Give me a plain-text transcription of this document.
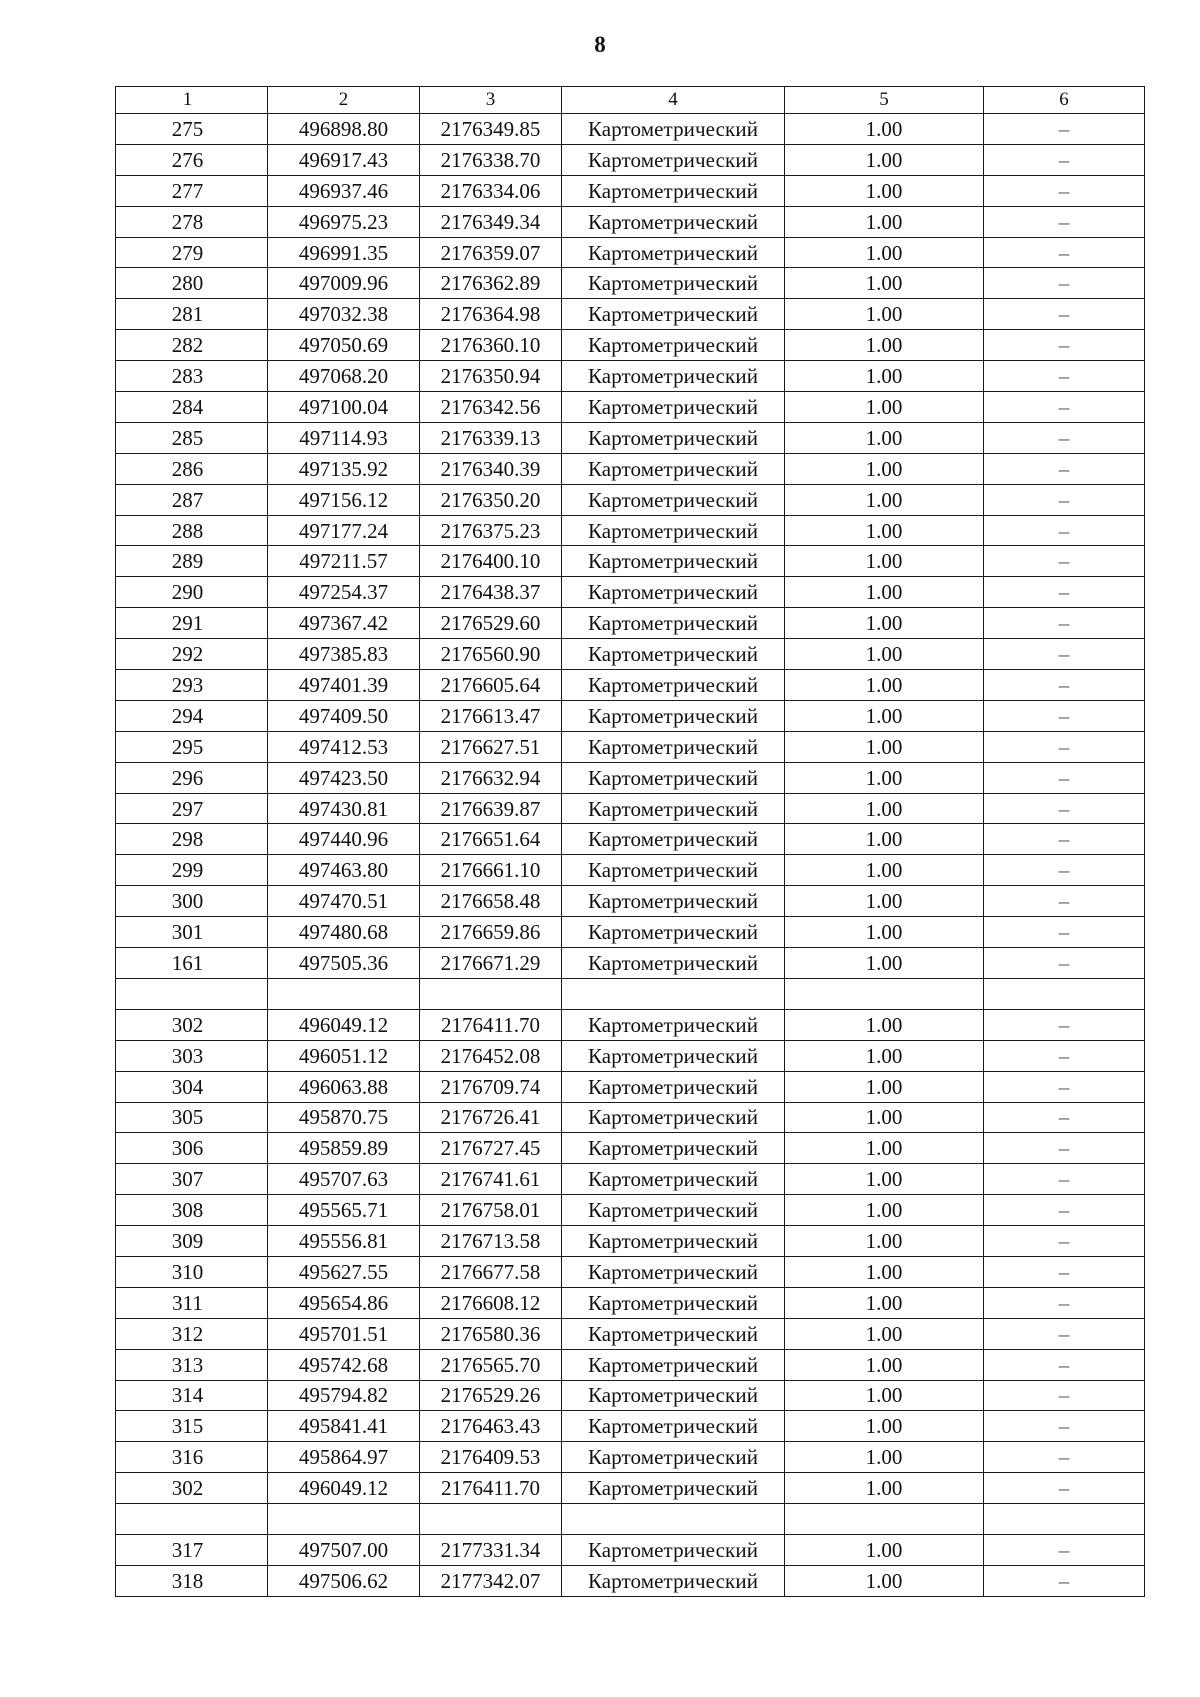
8
1	2	3	4	5	6
275	496898.80	2176349.85	Картометрический	1.00	–
276	496917.43	2176338.70	Картометрический	1.00	–
277	496937.46	2176334.06	Картометрический	1.00	–
278	496975.23	2176349.34	Картометрический	1.00	–
279	496991.35	2176359.07	Картометрический	1.00	–
280	497009.96	2176362.89	Картометрический	1.00	–
281	497032.38	2176364.98	Картометрический	1.00	–
282	497050.69	2176360.10	Картометрический	1.00	–
283	497068.20	2176350.94	Картометрический	1.00	–
284	497100.04	2176342.56	Картометрический	1.00	–
285	497114.93	2176339.13	Картометрический	1.00	–
286	497135.92	2176340.39	Картометрический	1.00	–
287	497156.12	2176350.20	Картометрический	1.00	–
288	497177.24	2176375.23	Картометрический	1.00	–
289	497211.57	2176400.10	Картометрический	1.00	–
290	497254.37	2176438.37	Картометрический	1.00	–
291	497367.42	2176529.60	Картометрический	1.00	–
292	497385.83	2176560.90	Картометрический	1.00	–
293	497401.39	2176605.64	Картометрический	1.00	–
294	497409.50	2176613.47	Картометрический	1.00	–
295	497412.53	2176627.51	Картометрический	1.00	–
296	497423.50	2176632.94	Картометрический	1.00	–
297	497430.81	2176639.87	Картометрический	1.00	–
298	497440.96	2176651.64	Картометрический	1.00	–
299	497463.80	2176661.10	Картометрический	1.00	–
300	497470.51	2176658.48	Картометрический	1.00	–
301	497480.68	2176659.86	Картометрический	1.00	–
161	497505.36	2176671.29	Картометрический	1.00	–

302	496049.12	2176411.70	Картометрический	1.00	–
303	496051.12	2176452.08	Картометрический	1.00	–
304	496063.88	2176709.74	Картометрический	1.00	–
305	495870.75	2176726.41	Картометрический	1.00	–
306	495859.89	2176727.45	Картометрический	1.00	–
307	495707.63	2176741.61	Картометрический	1.00	–
308	495565.71	2176758.01	Картометрический	1.00	–
309	495556.81	2176713.58	Картометрический	1.00	–
310	495627.55	2176677.58	Картометрический	1.00	–
311	495654.86	2176608.12	Картометрический	1.00	–
312	495701.51	2176580.36	Картометрический	1.00	–
313	495742.68	2176565.70	Картометрический	1.00	–
314	495794.82	2176529.26	Картометрический	1.00	–
315	495841.41	2176463.43	Картометрический	1.00	–
316	495864.97	2176409.53	Картометрический	1.00	–
302	496049.12	2176411.70	Картометрический	1.00	–

317	497507.00	2177331.34	Картометрический	1.00	–
318	497506.62	2177342.07	Картометрический	1.00	–
